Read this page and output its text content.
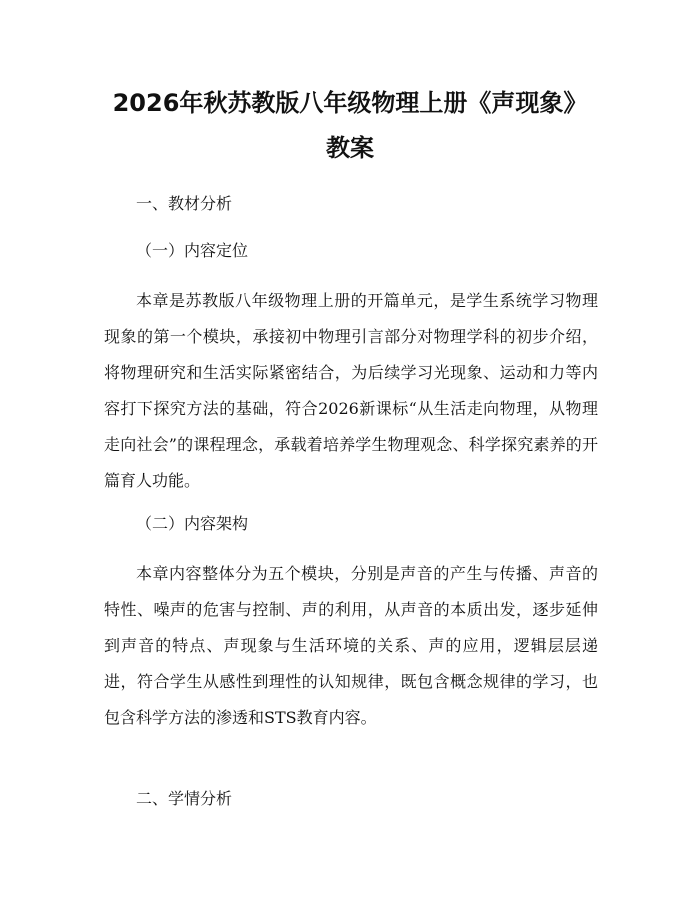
2026年秋苏教版八年级物理上册《声现象》
教案

一、教材分析

（一）内容定位

本章是苏教版八年级物理上册的开篇单元，是学生系统学习物理现象的第一个模块，承接初中物理引言部分对物理学科的初步介绍，将物理研究和生活实际紧密结合，为后续学习光现象、运动和力等内容打下探究方法的基础，符合2026新课标“从生活走向物理，从物理走向社会”的课程理念，承载着培养学生物理观念、科学探究素养的开篇育人功能。

（二）内容架构

本章内容整体分为五个模块，分别是声音的产生与传播、声音的特性、噪声的危害与控制、声的利用，从声音的本质出发，逐步延伸到声音的特点、声现象与生活环境的关系、声的应用，逻辑层层递进，符合学生从感性到理性的认知规律，既包含概念规律的学习，也包含科学方法的渗透和STS教育内容。

二、学情分析
